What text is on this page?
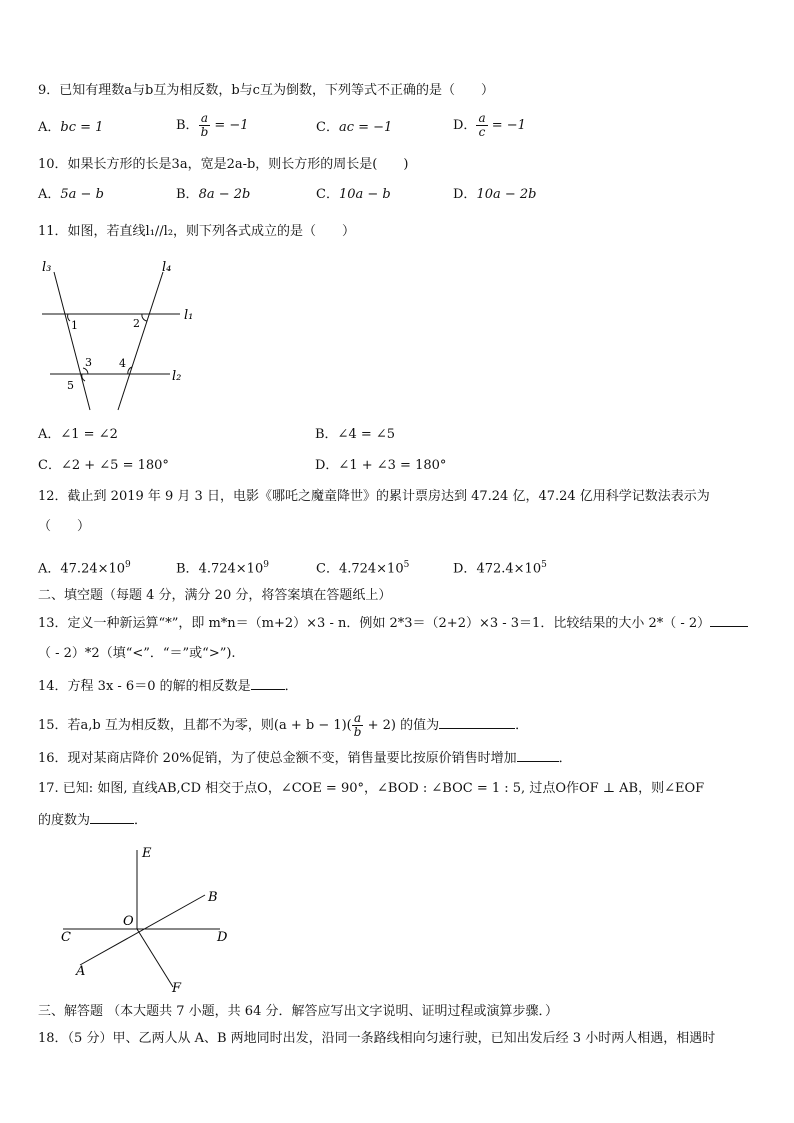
9．已知有理数a与b互为相反数，b与c互为倒数，下列等式不正确的是（　　）
A．bc = 1	B． $\frac{a}{b} = -1$	C．ac = −1	D． $\frac{a}{c} = -1$
10．如果长方形的长是3a，宽是2a-b，则长方形的周长是(　　)
A．5a − b	B．8a − 2b	C．10a − b	D．10a − 2b
11．如图，若直线l₁//l₂，则下列各式成立的是（　　）
l₃	l₄
l₁
l₂
1	2
3 4
5
A．∠1 = ∠2	B．∠4 = ∠5
C．∠2 + ∠5 = 180°	D．∠1 + ∠3 = 180°
12．截止到 2019 年 9 月 3 日，电影《哪吒之魔童降世》的累计票房达到 47.24 亿，47.24 亿用科学记数法表示为
（　　）
A．$47.24\times 10^9$	B．$4.724\times 10^9$	C．$4.724\times 10^5$	D．$472.4\times 10^5$
二、填空题（每题 4 分，满分 20 分，将答案填在答题纸上）
13．定义一种新运算“*”，即 m*n＝（m+2）×3 - n．例如 2*3＝（2+2）×3 - 3＝1．比较结果的大小 2*（ - 2）
（ - 2）*2（填“<”．“＝”或“>”).
14．方程 3x - 6＝0 的解的相反数是	．
15．若a,b 互为相反数，且都不为零，则$(a + b - 1)( \frac{a}{b} + 2)$ 的值为	．
16．现对某商店降价 20%促销，为了使总金额不变，销售量要比按原价销售时增加	．
17. 已知: 如图, 直线AB,CD 相交于点O，∠COE = 90°，∠BOD : ∠BOC = 1 : 5, 过点O作OF ⊥ AB，则∠EOF
的度数为	．
E
B
O
C	D
A
F
三、解答题 （本大题共 7 小题，共 64 分．解答应写出文字说明、证明过程或演算步骤．）
18．（5 分）甲、乙两人从 A、B 两地同时出发，沿同一条路线相向匀速行驶，已知出发后经 3 小时两人相遇，相遇时
